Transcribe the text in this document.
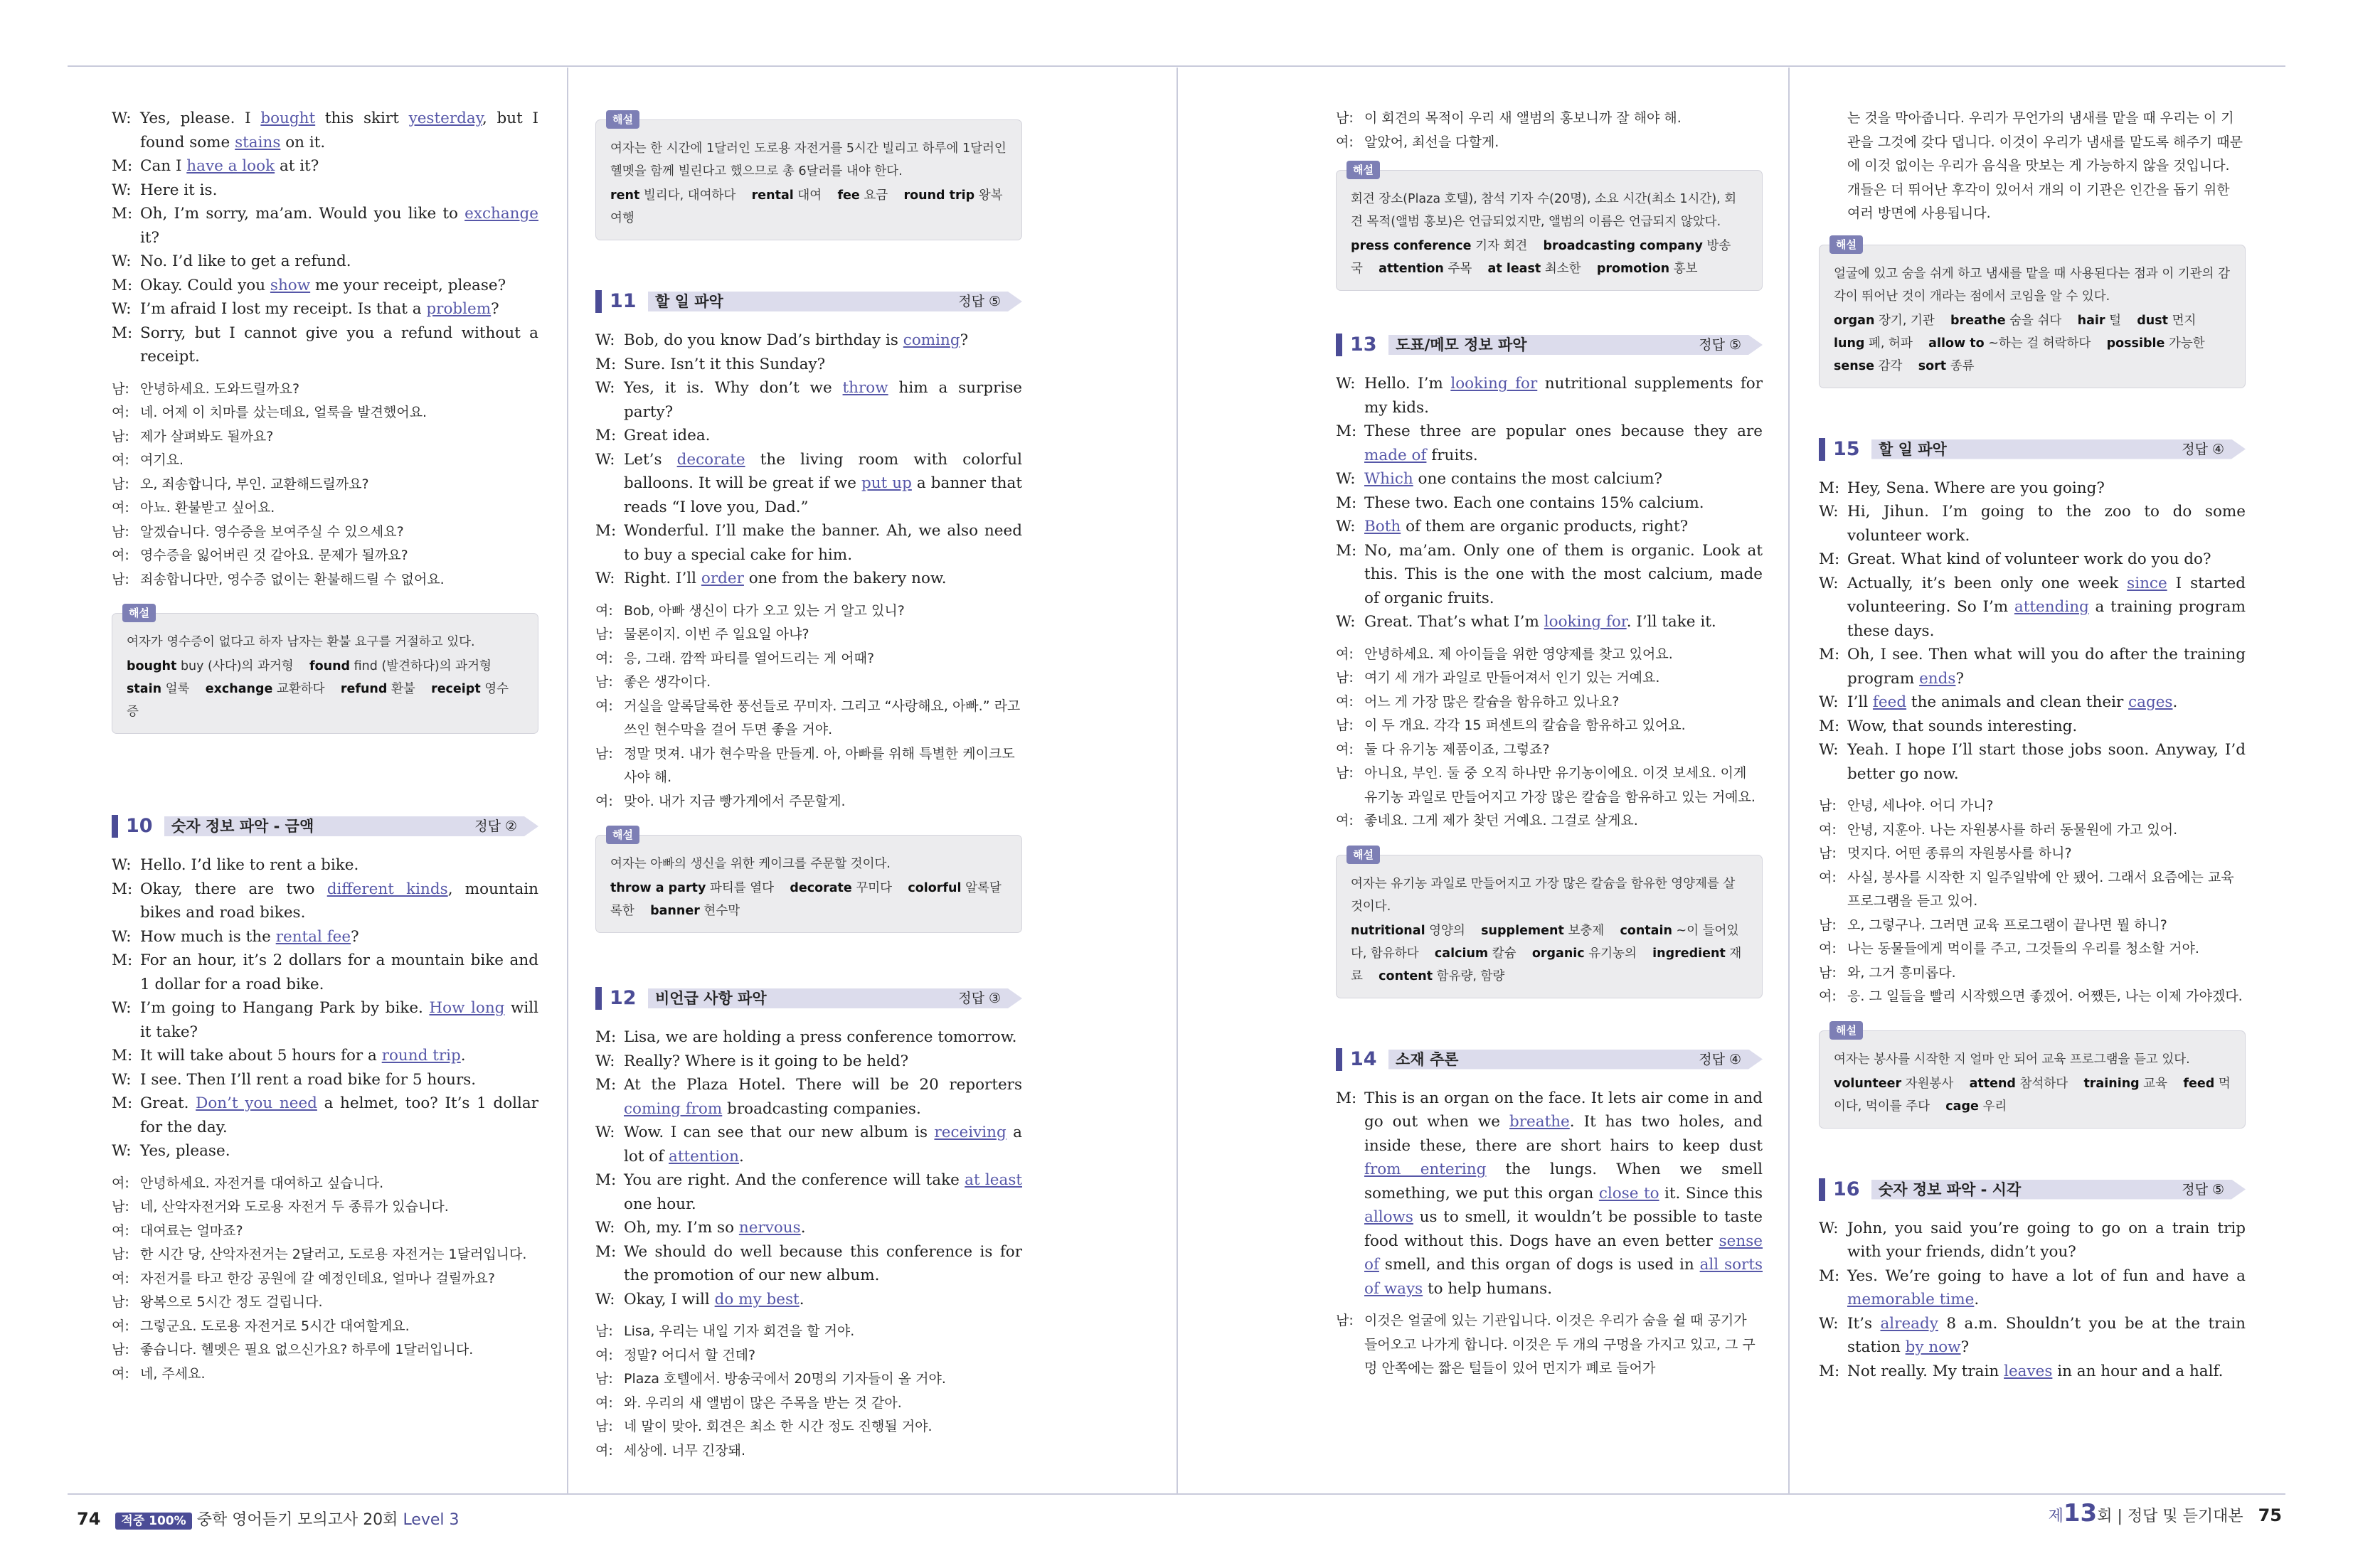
W: Yes, please. I bought this skirt yesterday, but I found some stains on it.

M: Can I have a look at it?

W: Here it is.

M: Oh, I’m sorry, ma’am. Would you like to exchange it?

W: No. I’d like to get a refund.

M: Okay. Could you show me your receipt, please?

W: I’m afraid I lost my receipt. Is that a problem?

M: Sorry, but I cannot give you a refund without a receipt.

남: 안녕하세요. 도와드릴까요?

여: 네. 어제 이 치마를 샀는데요, 얼룩을 발견했어요.

남: 제가 살펴봐도 될까요?

여: 여기요.

남: 오, 죄송합니다, 부인. 교환해드릴까요?

여: 아뇨. 환불받고 싶어요.

남: 알겠습니다. 영수증을 보여주실 수 있으세요?

여: 영수증을 잃어버린 것 같아요. 문제가 될까요?

남: 죄송합니다만, 영수증 없이는 환불해드릴 수 없어요.

해설
여자가 영수증이 없다고 하자 남자는 환불 요구를 거절하고 있다.
bought buy (사다)의 과거형 found find (발견하다)의 과거형    stain 얼룩 exchange 교환하다 refund 환불 receipt 영수증
10 숫자 정보 파악 - 금액	정답 ②

W: Hello. I’d like to rent a bike.

M: Okay, there are two different kinds, mountain bikes and road bikes.

W: How much is the rental fee?

M: For an hour, it’s 2 dollars for a mountain bike and 1 dollar for a road bike.

W: I’m going to Hangang Park by bike. How long will it take?

M: It will take about 5 hours for a round trip.

W: I see. Then I’ll rent a road bike for 5 hours.

M: Great. Don’t you need a helmet, too? It’s 1 dollar for the day.

W: Yes, please.

여: 안녕하세요. 자전거를 대여하고 싶습니다.

남: 네, 산악자전거와 도로용 자전거 두 종류가 있습니다.

여: 대여료는 얼마죠?

남: 한 시간 당, 산악자전거는 2달러고, 도로용 자전거는 1달러입니다.

여: 자전거를 타고 한강 공원에 갈 예정인데요, 얼마나 걸릴까요?

남: 왕복으로 5시간 정도 걸립니다.

여: 그렇군요. 도로용 자전거로 5시간 대여할게요.

남: 좋습니다. 헬멧은 필요 없으신가요? 하루에 1달러입니다.

여: 네, 주세요.

해설
여자는 한 시간에 1달러인 도로용 자전거를 5시간 빌리고 하루에 1달러인 헬멧을 함께 빌린다고 했으므로 총 6달러를 내야 한다.
rent 빌리다, 대여하다 rental 대여 fee 요금 round trip 왕복 여행
11 할 일 파악	정답 ⑤

W: Bob, do you know Dad’s birthday is coming?

M: Sure. Isn’t it this Sunday?

W: Yes, it is. Why don’t we throw him a surprise party?

M: Great idea.

W: Let’s decorate the living room with colorful balloons. It will be great if we put up a banner that reads “I love you, Dad.”

M: Wonderful. I’ll make the banner. Ah, we also need to buy a special cake for him.

W: Right. I’ll order one from the bakery now.

여: Bob, 아빠 생신이 다가 오고 있는 거 알고 있니?

남: 물론이지. 이번 주 일요일 아냐?

여: 응, 그래. 깜짝 파티를 열어드리는 게 어때?

남: 좋은 생각이다.

여: 거실을 알록달록한 풍선들로 꾸미자. 그리고 “사랑해요, 아빠.” 라고 쓰인 현수막을 걸어 두면 좋을 거야.

남: 정말 멋져. 내가 현수막을 만들게. 아, 아빠를 위해 특별한 케이크도 사야 해.

여: 맞아. 내가 지금 빵가게에서 주문할게.

해설
여자는 아빠의 생신을 위한 케이크를 주문할 것이다.
throw a party 파티를 열다 decorate 꾸미다 colorful 알록달록한 banner 현수막
12 비언급 사항 파악	정답 ③

M: Lisa, we are holding a press conference tomorrow.

W: Really? Where is it going to be held?

M: At the Plaza Hotel. There will be 20 reporters coming from broadcasting companies.

W: Wow. I can see that our new album is receiving a lot of attention.

M: You are right. And the conference will take at least one hour.

W: Oh, my. I’m so nervous.

M: We should do well because this conference is for the promotion of our new album.

W: Okay, I will do my best.

남: Lisa, 우리는 내일 기자 회견을 할 거야.

여: 정말? 어디서 할 건데?

남: Plaza 호텔에서. 방송국에서 20명의 기자들이 올 거야.

여: 와. 우리의 새 앨범이 많은 주목을 받는 것 같아.

남: 네 말이 맞아. 회견은 최소 한 시간 정도 진행될 거야.

여: 세상에. 너무 긴장돼.

남: 이 회견의 목적이 우리 새 앨범의 홍보니까 잘 해야 해.

여: 알았어, 최선을 다할게.

해설
회견 장소(Plaza 호텔), 참석 기자 수(20명), 소요 시간(최소 1시간), 회견 목적(앨범 홍보)은 언급되었지만, 앨범의 이름은 언급되지 않았다.
press conference 기자 회견 broadcasting company 방송국 attention 주목 at least 최소한 promotion 홍보
13 도표/메모 정보 파악	정답 ⑤

W: Hello. I’m looking for nutritional supplements for my kids.

M: These three are popular ones because they are made of fruits.

W: Which one contains the most calcium?

M: These two. Each one contains 15% calcium.

W: Both of them are organic products, right?

M: No, ma’am. Only one of them is organic. Look at this. This is the one with the most calcium, made of organic fruits.

W: Great. That’s what I’m looking for. I’ll take it.

여: 안녕하세요. 제 아이들을 위한 영양제를 찾고 있어요.

남: 여기 세 개가 과일로 만들어져서 인기 있는 거예요.

여: 어느 게 가장 많은 칼슘을 함유하고 있나요?

남: 이 두 개요. 각각 15 퍼센트의 칼슘을 함유하고 있어요.

여: 둘 다 유기농 제품이죠, 그렇죠?

남: 아니요, 부인. 둘 중 오직 하나만 유기농이에요. 이것 보세요. 이게 유기농 과일로 만들어지고 가장 많은 칼슘을 함유하고 있는 거예요.

여: 좋네요. 그게 제가 찾던 거예요. 그걸로 살게요.

해설
여자는 유기농 과일로 만들어지고 가장 많은 칼슘을 함유한 영양제를 살 것이다.
nutritional 영양의 supplement 보충제 contain ~이 들어있다, 함유하다 calcium 칼슘 organic 유기농의 ingredient 재료 content 함유량, 함량
14 소재 추론	정답 ④

M: This is an organ on the face. It lets air come in and go out when we breathe. It has two holes, and inside these, there are short hairs to keep dust from entering the lungs. When we smell something, we put this organ close to it. Since this allows us to smell, it wouldn’t be possible to taste food without this. Dogs have an even better sense of smell, and this organ of dogs is used in all sorts of ways to help humans.

남: 이것은 얼굴에 있는 기관입니다. 이것은 우리가 숨을 쉴 때 공기가 들어오고 나가게 합니다. 이것은 두 개의 구멍을 가지고 있고, 그 구멍 안쪽에는 짧은 털들이 있어 먼지가 폐로 들어가

는 것을 막아줍니다. 우리가 무언가의 냄새를 맡을 때 우리는 이 기관을 그것에 갖다 댑니다. 이것이 우리가 냄새를 맡도록 해주기 때문에 이것 없이는 우리가 음식을 맛보는 게 가능하지 않을 것입니다. 개들은 더 뛰어난 후각이 있어서 개의 이 기관은 인간을 돕기 위한 여러 방면에 사용됩니다.

해설
얼굴에 있고 숨을 쉬게 하고 냄새를 맡을 때 사용된다는 점과 이 기관의 감각이 뛰어난 것이 개라는 점에서 코임을 알 수 있다.
organ 장기, 기관 breathe 숨을 쉬다 hair 털 dust 먼지    lung 폐, 허파 allow to ~하는 걸 허락하다 possible 가능한    sense 감각 sort 종류
15 할 일 파악	정답 ④

M: Hey, Sena. Where are you going?

W: Hi, Jihun. I’m going to the zoo to do some volunteer work.

M: Great. What kind of volunteer work do you do?

W: Actually, it’s been only one week since I started volunteering. So I’m attending a training program these days.

M: Oh, I see. Then what will you do after the training program ends?

W: I’ll feed the animals and clean their cages.

M: Wow, that sounds interesting.

W: Yeah. I hope I’ll start those jobs soon. Anyway, I’d better go now.

남: 안녕, 세나야. 어디 가니?

여: 안녕, 지훈아. 나는 자원봉사를 하러 동물원에 가고 있어.

남: 멋지다. 어떤 종류의 자원봉사를 하니?

여: 사실, 봉사를 시작한 지 일주일밖에 안 됐어. 그래서 요즘에는 교육 프로그램을 듣고 있어.

남: 오, 그렇구나. 그러면 교육 프로그램이 끝나면 뭘 하니?

여: 나는 동물들에게 먹이를 주고, 그것들의 우리를 청소할 거야.

남: 와, 그거 흥미롭다.

여: 응. 그 일들을 빨리 시작했으면 좋겠어. 어쨌든, 나는 이제 가야겠다.

해설
여자는 봉사를 시작한 지 얼마 안 되어 교육 프로그램을 듣고 있다.
volunteer 자원봉사 attend 참석하다 training 교육 feed 먹이다, 먹이를 주다 cage 우리
16 숫자 정보 파악 - 시각	정답 ⑤

W: John, you said you’re going to go on a train trip with your friends, didn’t you?

M: Yes. We’re going to have a lot of fun and have a memorable time.

W: It’s already 8 a.m. Shouldn’t you be at the train station by now?

M: Not really. My train leaves in an hour and a half.

74 적중 100% 중학 영어듣기 모의고사 20회 Level 3	제13회 | 정답 및 듣기대본 75
